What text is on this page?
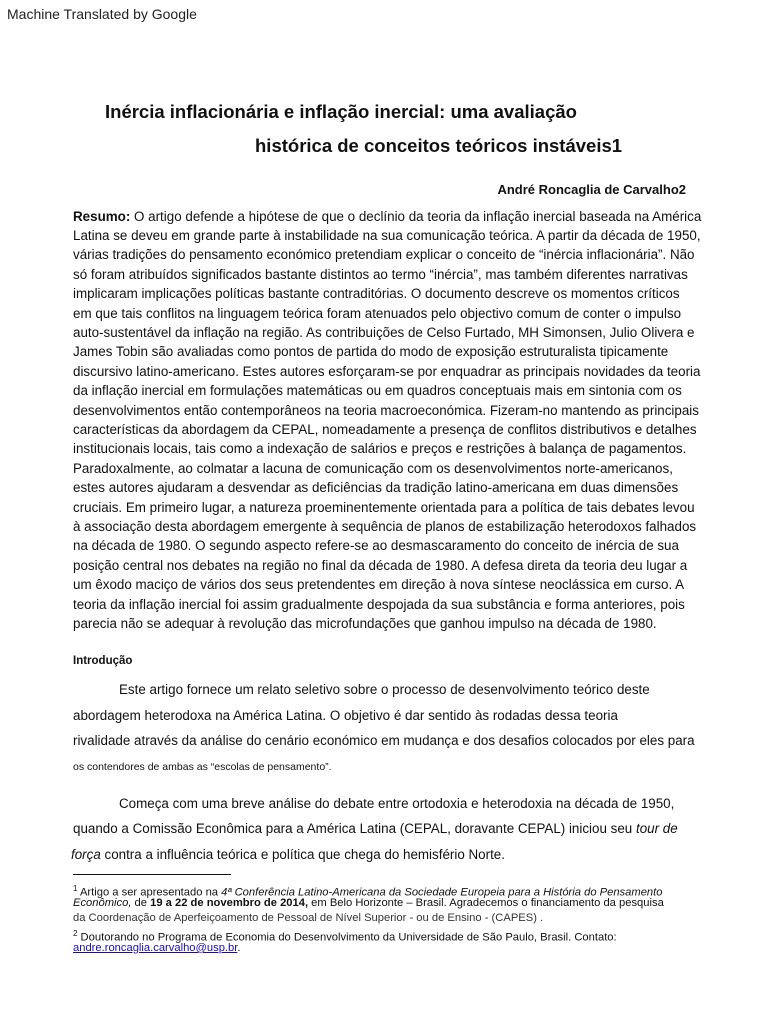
Machine Translated by Google
Inércia inflacionária e inflação inercial: uma avaliação
histórica de conceitos teóricos instáveis1
André Roncaglia de Carvalho2
Resumo: O artigo defende a hipótese de que o declínio da teoria da inflação inercial baseada na América
Latina se deveu em grande parte à instabilidade na sua comunicação teórica. A partir da década de 1950,
várias tradições do pensamento económico pretendiam explicar o conceito de “inércia inflacionária”. Não
só foram atribuídos significados bastante distintos ao termo “inércia”, mas também diferentes narrativas
implicaram implicações políticas bastante contraditórias. O documento descreve os momentos críticos
em que tais conflitos na linguagem teórica foram atenuados pelo objectivo comum de conter o impulso
auto-sustentável da inflação na região. As contribuições de Celso Furtado, MH Simonsen, Julio Olivera e
James Tobin são avaliadas como pontos de partida do modo de exposição estruturalista tipicamente
discursivo latino-americano. Estes autores esforçaram-se por enquadrar as principais novidades da teoria
da inflação inercial em formulações matemáticas ou em quadros conceptuais mais em sintonia com os
desenvolvimentos então contemporâneos na teoria macroeconómica. Fizeram-no mantendo as principais
características da abordagem da CEPAL, nomeadamente a presença de conflitos distributivos e detalhes
institucionais locais, tais como a indexação de salários e preços e restrições à balança de pagamentos.
Paradoxalmente, ao colmatar a lacuna de comunicação com os desenvolvimentos norte-americanos,
estes autores ajudaram a desvendar as deficiências da tradição latino-americana em duas dimensões
cruciais. Em primeiro lugar, a natureza proeminentemente orientada para a política de tais debates levou
à associação desta abordagem emergente à sequência de planos de estabilização heterodoxos falhados
na década de 1980. O segundo aspecto refere-se ao desmascaramento do conceito de inércia de sua
posição central nos debates na região no final da década de 1980. A defesa direta da teoria deu lugar a
um êxodo maciço de vários dos seus pretendentes em direção à nova síntese neoclássica em curso. A
teoria da inflação inercial foi assim gradualmente despojada da sua substância e forma anteriores, pois
parecia não se adequar à revolução das microfundações que ganhou impulso na década de 1980.
Introdução
Este artigo fornece um relato seletivo sobre o processo de desenvolvimento teórico deste
abordagem heterodoxa na América Latina. O objetivo é dar sentido às rodadas dessa teoria
rivalidade através da análise do cenário económico em mudança e dos desafios colocados por eles para
os contendores de ambas as “escolas de pensamento”.
Começa com uma breve análise do debate entre ortodoxia e heterodoxia na década de 1950,
quando a Comissão Econômica para a América Latina (CEPAL, doravante CEPAL) iniciou seu tour de
força contra a influência teórica e política que chega do hemisfério Norte.
$^1$ Artigo a ser apresentado na 4ª Conferência Latino-Americana da Sociedade Europeia para a História do Pensamento
Econômico, de 19 a 22 de novembro de 2014, em Belo Horizonte – Brasil. Agradecemos o financiamento da pesquisa
da Coordenação de Aperfeiçoamento de Pessoal de Nível Superior - ou de Ensino - (CAPES) .
$^2$ Doutorando no Programa de Economia do Desenvolvimento da Universidade de São Paulo, Brasil. Contato:
andre.roncaglia.carvalho@usp.br.
